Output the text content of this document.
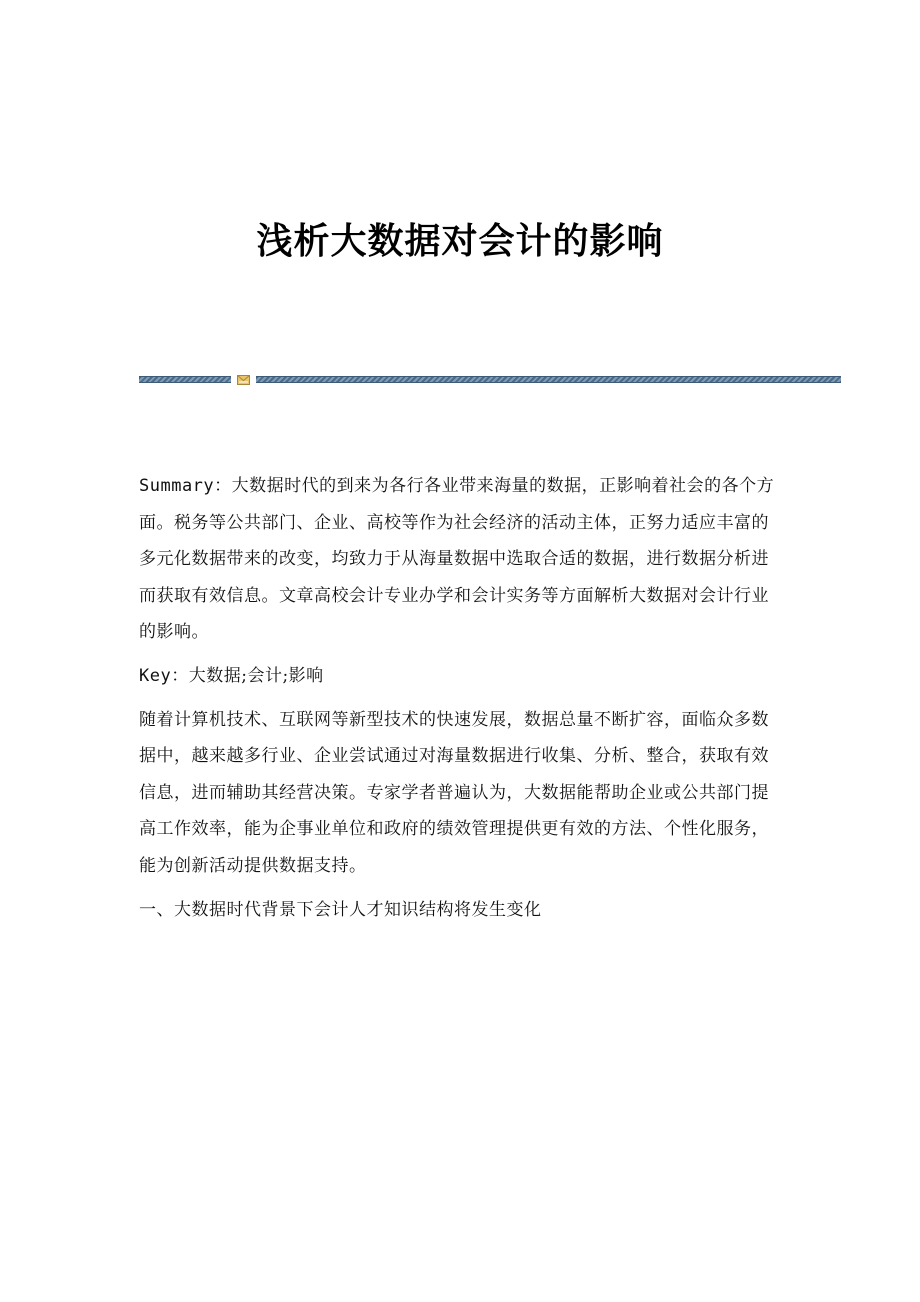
浅析大数据对会计的影响

Summary：大数据时代的到来为各行各业带来海量的数据，正影响着社会的各个方面。税务等公共部门、企业、高校等作为社会经济的活动主体，正努力适应丰富的多元化数据带来的改变，均致力于从海量数据中选取合适的数据，进行数据分析进而获取有效信息。文章高校会计专业办学和会计实务等方面解析大数据对会计行业的影响。

Key：大数据;会计;影响

随着计算机技术、互联网等新型技术的快速发展，数据总量不断扩容，面临众多数据中，越来越多行业、企业尝试通过对海量数据进行收集、分析、整合，获取有效信息，进而辅助其经营决策。专家学者普遍认为，大数据能帮助企业或公共部门提高工作效率，能为企事业单位和政府的绩效管理提供更有效的方法、个性化服务，能为创新活动提供数据支持。

一、大数据时代背景下会计人才知识结构将发生变化
